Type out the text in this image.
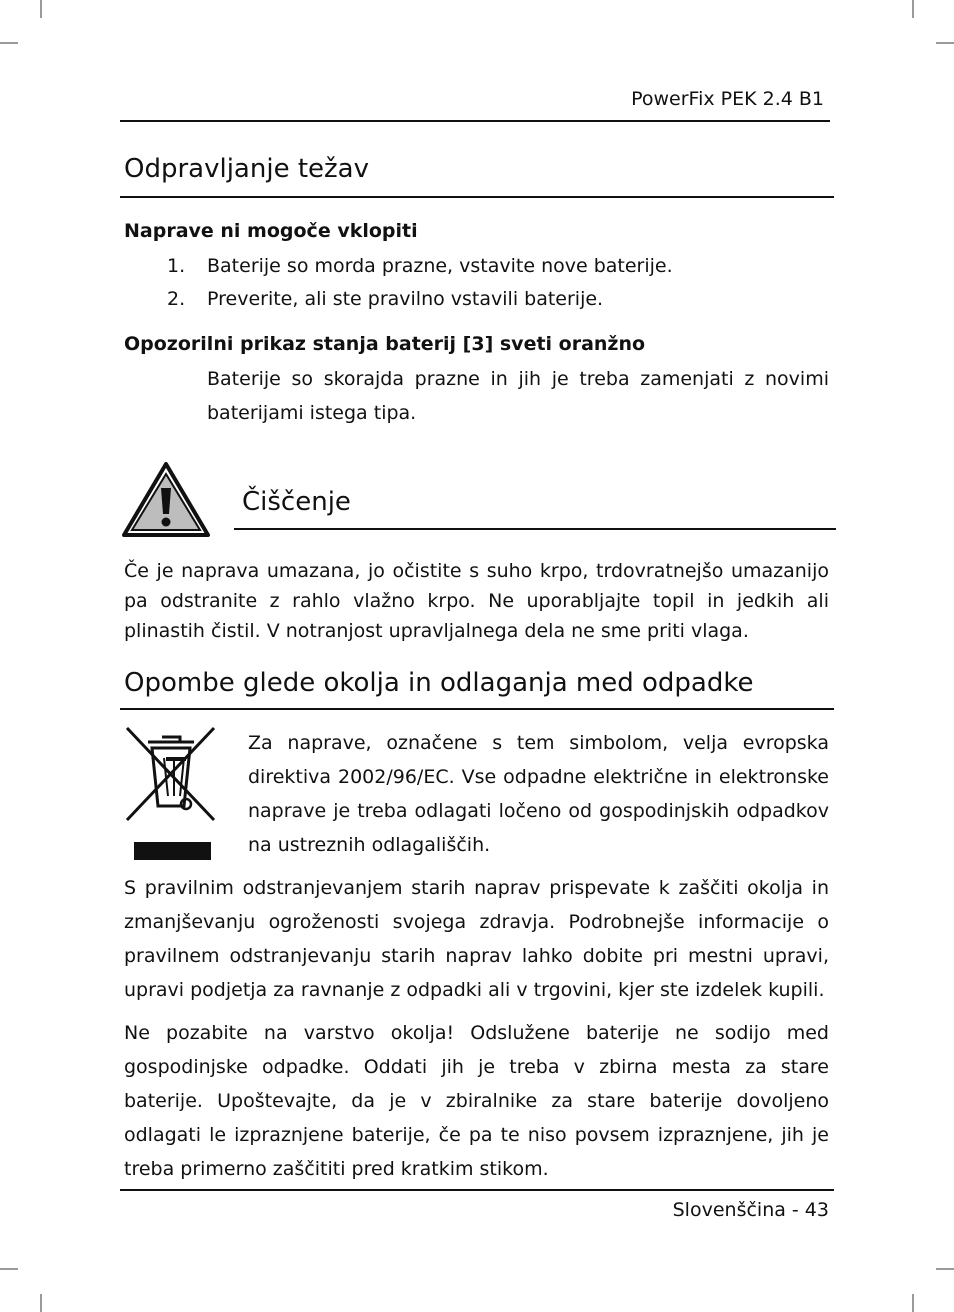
PowerFix PEK 2.4 B1
Odpravljanje težav
Naprave ni mogoče vklopiti
1. Baterije so morda prazne, vstavite nove baterije.
2. Preverite, ali ste pravilno vstavili baterije.
Opozorilni prikaz stanja baterij [3] sveti oranžno

Baterije so skorajda prazne in jih je treba zamenjati z novimi baterijami istega tipa.

Čiščenje

Če je naprava umazana, jo očistite s suho krpo, trdovratnejšo umazanijo pa odstranite z rahlo vlažno krpo. Ne uporabljajte topil in jedkih ali plinastih čistil. V notranjost upravljalnega dela ne sme priti vlaga.

Opombe glede okolja in odlaganja med odpadke

Za naprave, označene s tem simbolom, velja evropska direktiva 2002/96/EC. Vse odpadne električne in elektronske naprave je treba odlagati ločeno od gospodinjskih odpadkov na ustreznih odlagališčih.

S pravilnim odstranjevanjem starih naprav prispevate k zaščiti okolja in zmanjševanju ogroženosti svojega zdravja. Podrobnejše informacije o pravilnem odstranjevanju starih naprav lahko dobite pri mestni upravi, upravi podjetja za ravnanje z odpadki ali v trgovini, kjer ste izdelek kupili.

Ne pozabite na varstvo okolja! Odslužene baterije ne sodijo med gospodinjske odpadke. Oddati jih je treba v zbirna mesta za stare baterije. Upoštevajte, da je v zbiralnike za stare baterije dovoljeno odlagati le izpraznjene baterije, če pa te niso povsem izpraznjene, jih je treba primerno zaščititi pred kratkim stikom.

Slovenščina - 43
